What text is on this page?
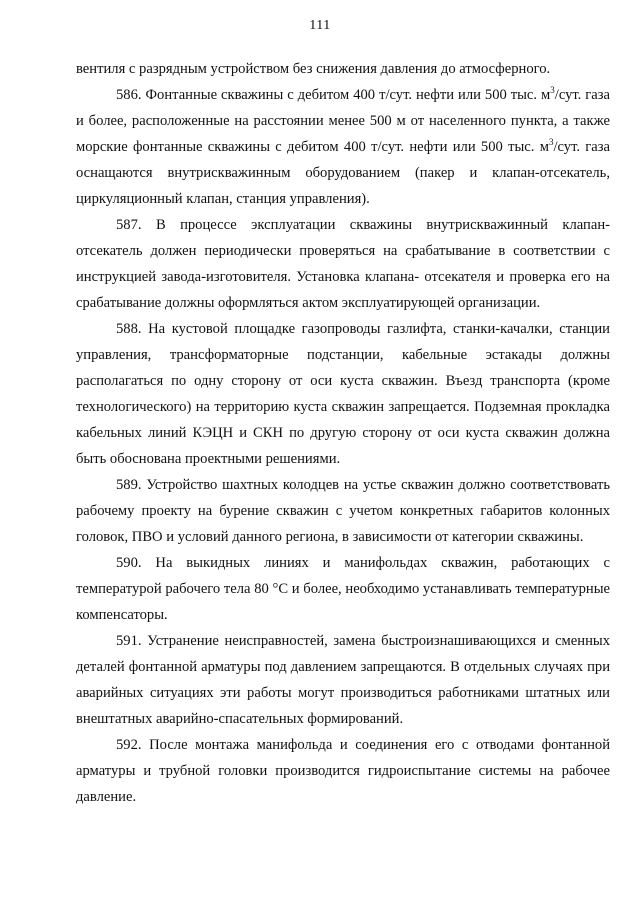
111

вентиля с разрядным устройством без снижения давления до атмосферного.

586. Фонтанные скважины с дебитом 400 т/сут. нефти или 500 тыс. $м^3$/сут. газа и более, расположенные на расстоянии менее 500 м от населенного пункта, а также морские фонтанные скважины с дебитом 400 т/сут. нефти или 500 тыс. $м^3$/сут. газа оснащаются внутрискважинным оборудованием (пакер и клапан-отсекатель, циркуляционный клапан, станция управления).

587. В процессе эксплуатации скважины внутрискважинный клапан-отсекатель должен периодически проверяться на срабатывание в соответствии с инструкцией завода-изготовителя. Установка клапана- отсекателя и проверка его на срабатывание должны оформляться актом эксплуатирующей организации.

588. На кустовой площадке газопроводы газлифта, станки-качалки, станции управления, трансформаторные подстанции, кабельные эстакады должны располагаться по одну сторону от оси куста скважин. Въезд транспорта (кроме технологического) на территорию куста скважин запрещается. Подземная прокладка кабельных линий КЭЦН и СКН по другую сторону от оси куста скважин должна быть обоснована проектными решениями.

589. Устройство шахтных колодцев на устье скважин должно соответствовать рабочему проекту на бурение скважин с учетом конкретных габаритов колонных головок, ПВО и условий данного региона, в зависимости от категории скважины.

590. На выкидных линиях и манифольдах скважин, работающих с температурой рабочего тела 80 °С и более, необходимо устанавливать температурные компенсаторы.

591. Устранение неисправностей, замена быстроизнашивающихся и сменных деталей фонтанной арматуры под давлением запрещаются. В отдельных случаях при аварийных ситуациях эти работы могут производиться работниками штатных или внештатных аварийно-спасательных формирований.

592. После монтажа манифольда и соединения его с отводами фонтанной арматуры и трубной головки производится гидроиспытание системы на рабочее давление.
